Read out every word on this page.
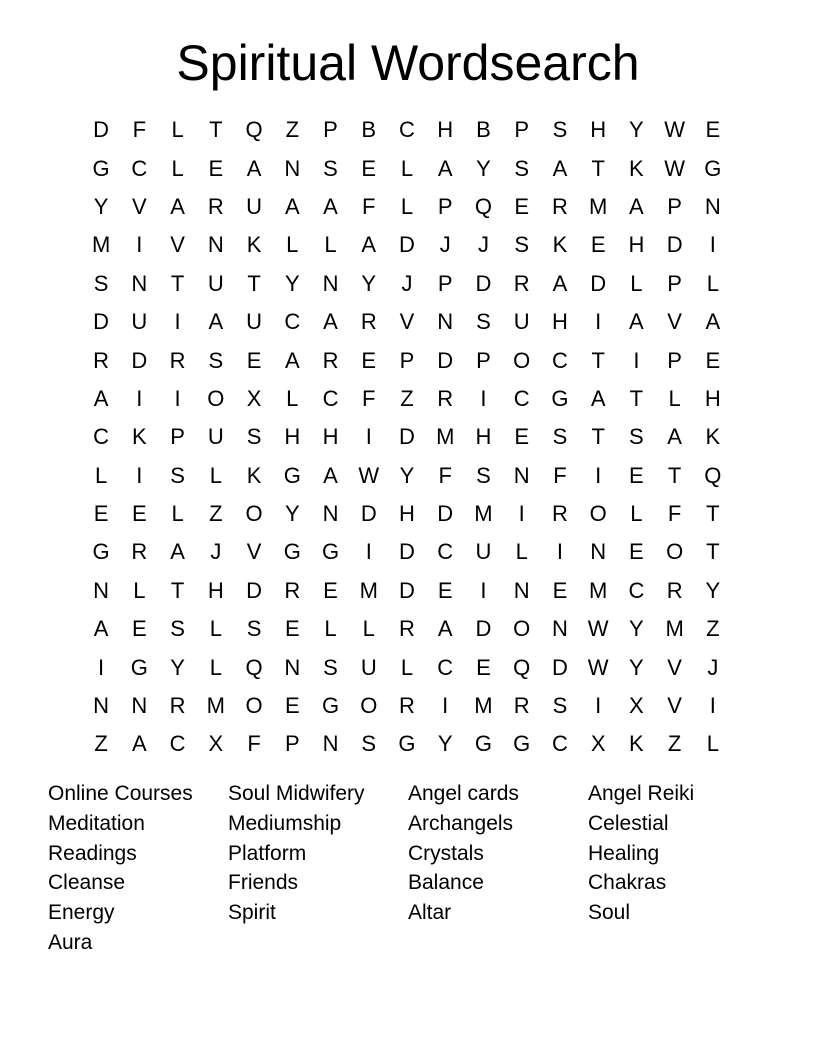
Spiritual Wordsearch
D	F	L	T	Q	Z	P	B	C	H	B	P	S	H	Y W E
G C	L	E	A	N	S	E	L	A	Y	S	A	T	K W G
Y	V	A	R	U	A	A	F	L	P	Q	E	R M A	P	N
M	I	V	N	K	L	L	A	D	J	J	S	K	E	H	D	I
S	N	T	U	T	Y	N	Y	J	P	D	R	A	D	L	P	L
D	U	I	A	U	C	A	R	V	N	S	U	H	I	A	V	A
R	D	R	S	E	A	R	E	P	D	P	O C	T	I	P	E
A	I	I	O	X	L	C	F	Z	R	I	C G	A	T	L	H
C	K	P	U	S	H	H	I	D M H	E	S	T	S	A	K
L	I	S	L	K	G	A W Y	F	S	N	F	I	E	T	Q
E	E	L	Z	O	Y	N	D	H	D M	I	R O	L	F	T
G R	A	J	V	G G	I	D	C	U	L	I	N	E	O	T
N	L	T	H	D	R	E M D	E	I	N	E M C	R	Y
A	E	S	L	S	E	L	L	R	A	D O N W Y M	Z
I	G	Y	L	Q N	S	U	L	C	E	Q D W Y	V	J
N	N	R M O	E	G O R	I	M R	S	I	X	V	I
Z	A	C	X	F	P	N	S	G	Y	G G C	X	K	Z	L
Online Courses	Soul Midwifery	Angel cards	Angel Reiki
Meditation	Mediumship	Archangels	Celestial
Readings	Platform	Crystals	Healing
Cleanse	Friends	Balance	Chakras
Energy	Spirit	Altar	Soul
Aura
